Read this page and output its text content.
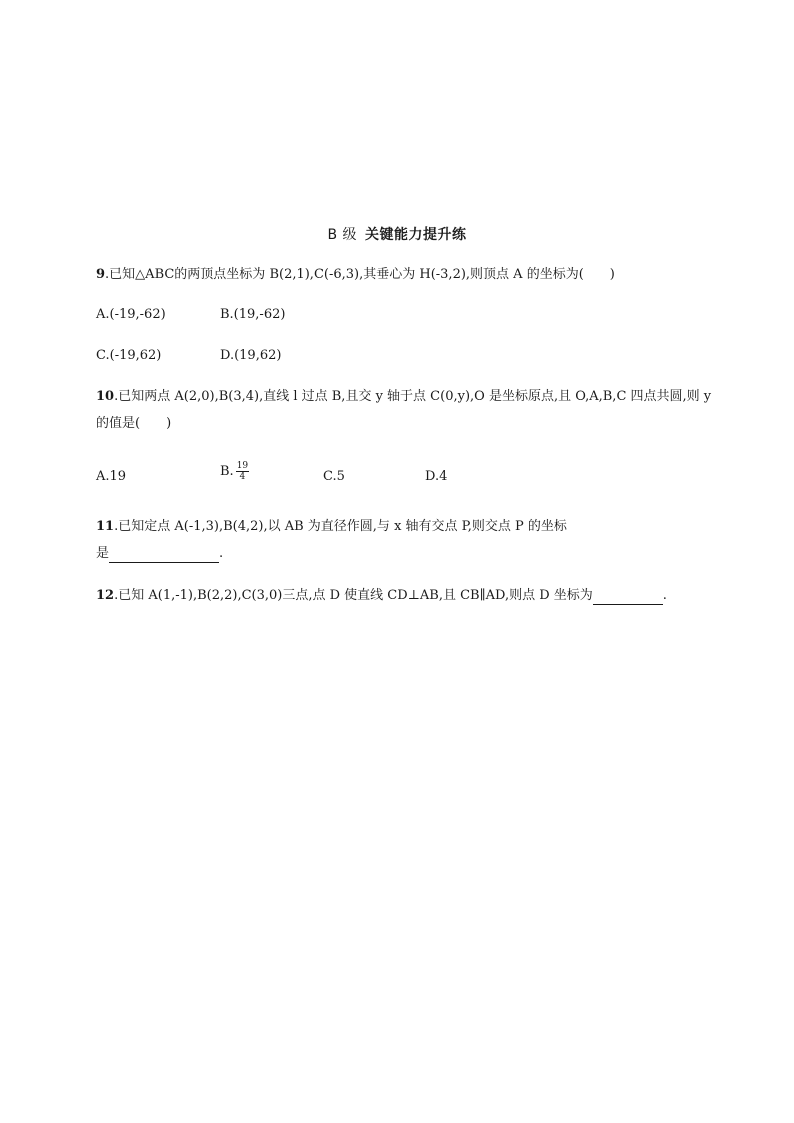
B 级 关键能力提升练
9.已知△ABC的两顶点坐标为 B(2,1),C(-6,3),其垂心为 H(-3,2),则顶点 A 的坐标为(　　)
A.(-19,-62)	B.(19,-62)
C.(-19,62)	D.(19,62)
10.已知两点 A(2,0),B(3,4),直线 l 过点 B,且交 y 轴于点 C(0,y),O 是坐标原点,且 O,A,B,C 四点共圆,则 y
的值是(　　)
A.19	B. $\frac{19}{4}$	C.5	D.4
11.已知定点 A(-1,3),B(4,2),以 AB 为直径作圆,与 x 轴有交点 P,则交点 P 的坐标
是	.
12.已知 A(1,-1),B(2,2),C(3,0)三点,点 D 使直线 CD⊥AB,且 CB∥AD,则点 D 坐标为	.
